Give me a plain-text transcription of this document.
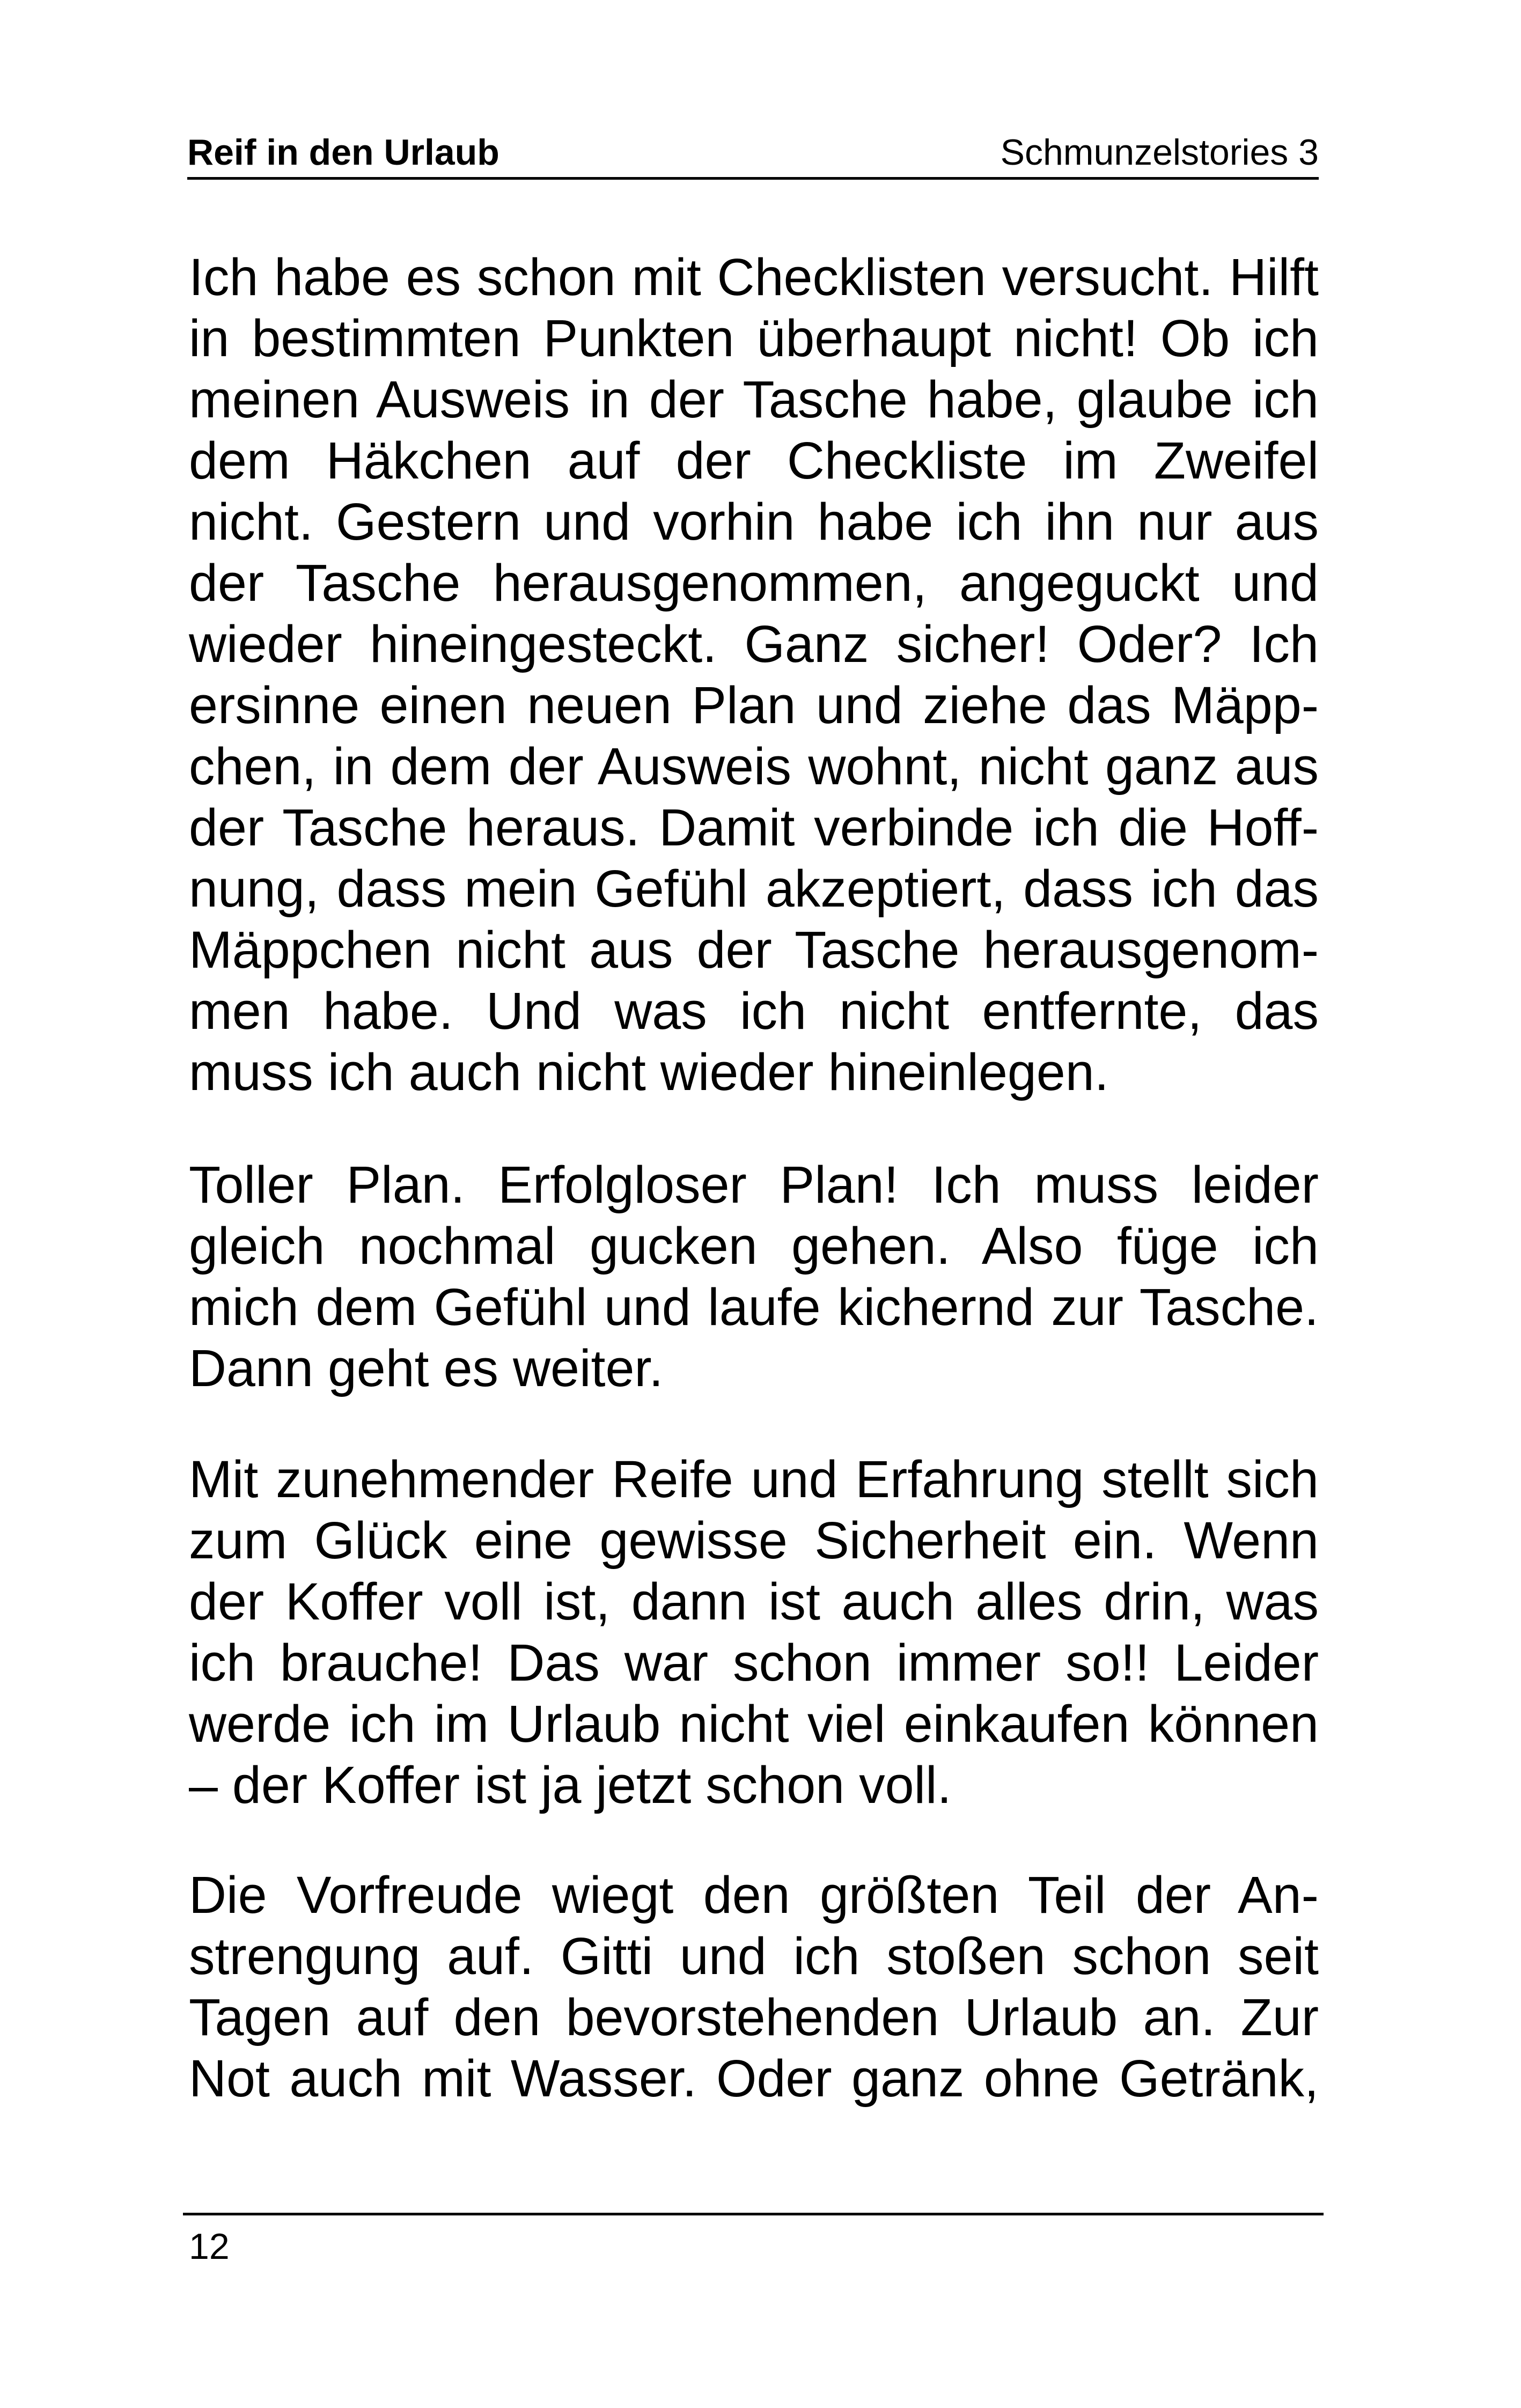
Reif in den Urlaub	Schmunzelstories 3
Ich habe es schon mit Checklisten versucht. Hilft
in bestimmten Punkten überhaupt nicht! Ob ich
meinen Ausweis in der Tasche habe, glaube ich
dem Häkchen auf der Checkliste im Zweifel
nicht. Gestern und vorhin habe ich ihn nur aus
der Tasche herausgenommen, angeguckt und
wieder hineingesteckt. Ganz sicher! Oder? Ich
ersinne einen neuen Plan und ziehe das Mäpp-
chen, in dem der Ausweis wohnt, nicht ganz aus
der Tasche heraus. Damit verbinde ich die Hoff-
nung, dass mein Gefühl akzeptiert, dass ich das
Mäppchen nicht aus der Tasche herausgenom-
men habe. Und was ich nicht entfernte, das
muss ich auch nicht wieder hineinlegen.
Toller Plan. Erfolgloser Plan! Ich muss leider
gleich nochmal gucken gehen. Also füge ich
mich dem Gefühl und laufe kichernd zur Tasche.
Dann geht es weiter.
Mit zunehmender Reife und Erfahrung stellt sich
zum Glück eine gewisse Sicherheit ein. Wenn
der Koffer voll ist, dann ist auch alles drin, was
ich brauche! Das war schon immer so!! Leider
werde ich im Urlaub nicht viel einkaufen können
– der Koffer ist ja jetzt schon voll.
Die Vorfreude wiegt den größten Teil der An-
strengung auf. Gitti und ich stoßen schon seit
Tagen auf den bevorstehenden Urlaub an. Zur
Not auch mit Wasser. Oder ganz ohne Getränk,
12
